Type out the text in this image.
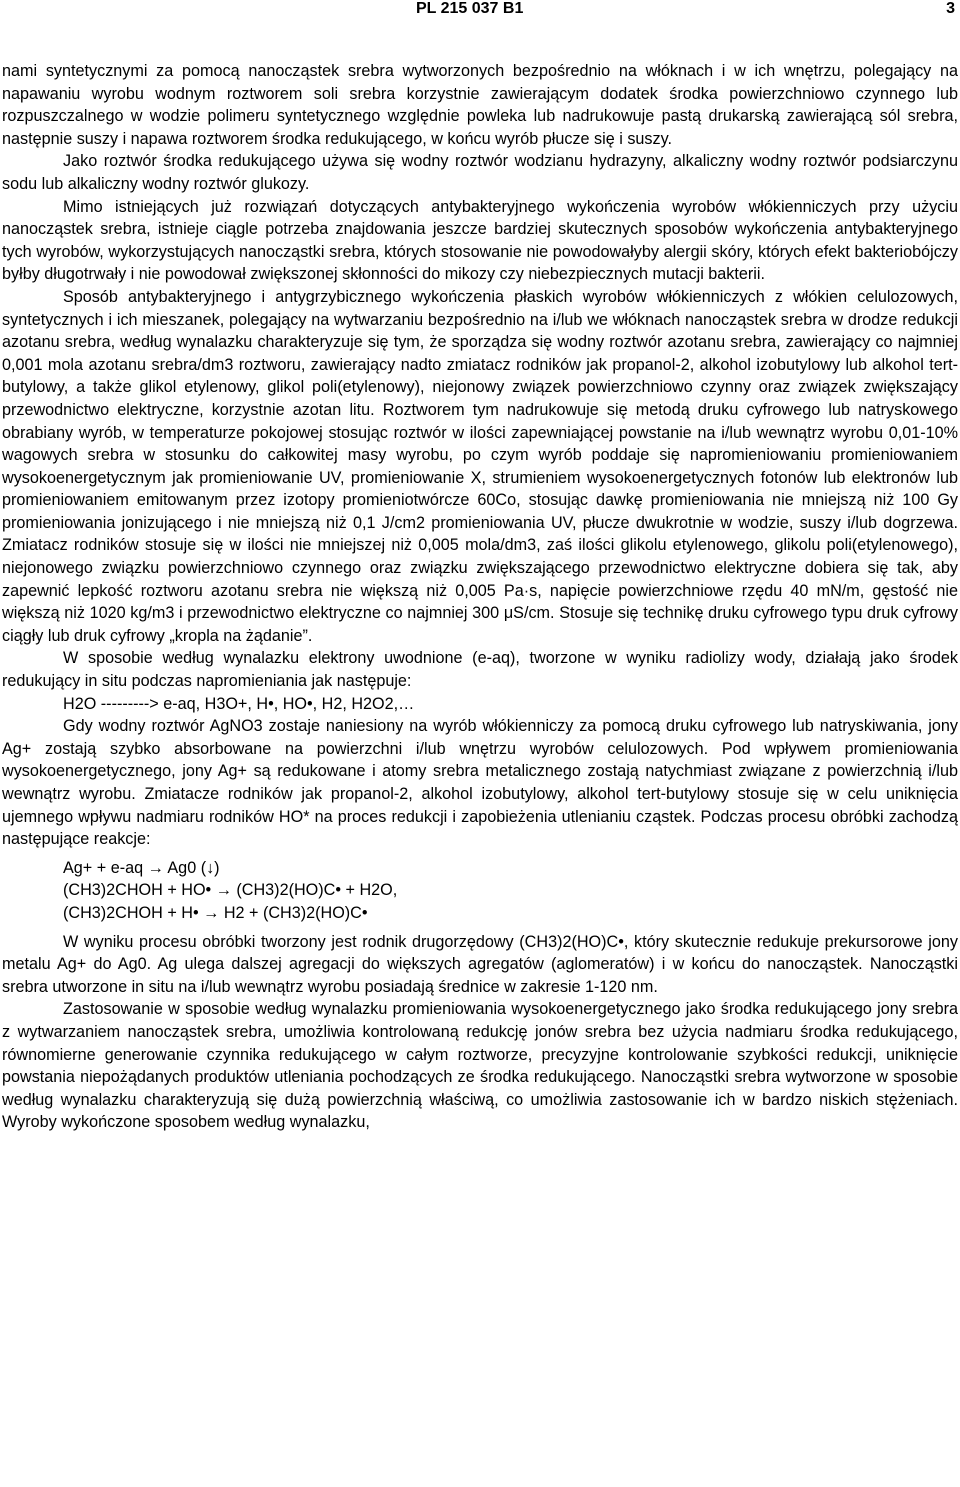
PL 215 037 B1	3

nami syntetycznymi za pomocą nanocząstek srebra wytworzonych bezpośrednio na włóknach i w ich wnętrzu, polegający na napawaniu wyrobu wodnym roztworem soli srebra korzystnie zawierającym dodatek środka powierzchniowo czynnego lub rozpuszczalnego w wodzie polimeru syntetycznego względnie powleka lub nadrukowuje pastą drukarską zawierającą sól srebra, następnie suszy i napawa roztworem środka redukującego, w końcu wyrób płucze się i suszy.

Jako roztwór środka redukującego używa się wodny roztwór wodzianu hydrazyny, alkaliczny wodny roztwór podsiarczynu sodu lub alkaliczny wodny roztwór glukozy.

Mimo istniejących już rozwiązań dotyczących antybakteryjnego wykończenia wyrobów włókienniczych przy użyciu nanocząstek srebra, istnieje ciągle potrzeba znajdowania jeszcze bardziej skutecznych sposobów wykończenia antybakteryjnego tych wyrobów, wykorzystujących nanocząstki srebra, których stosowanie nie powodowałyby alergii skóry, których efekt bakteriobójczy byłby długotrwały i nie powodował zwiększonej skłonności do mikozy czy niebezpiecznych mutacji bakterii.

Sposób antybakteryjnego i antygrzybicznego wykończenia płaskich wyrobów włókienniczych z włókien celulozowych, syntetycznych i ich mieszanek, polegający na wytwarzaniu bezpośrednio na i/lub we włóknach nanocząstek srebra w drodze redukcji azotanu srebra, według wynalazku charakteryzuje się tym, że sporządza się wodny roztwór azotanu srebra, zawierający co najmniej 0,001 mola azotanu srebra/dm3 roztworu, zawierający nadto zmiatacz rodników jak propanol-2, alkohol izobutylowy lub alkohol tert-butylowy, a także glikol etylenowy, glikol poli(etylenowy), niejonowy związek powierzchniowo czynny oraz związek zwiększający przewodnictwo elektryczne, korzystnie azotan litu. Roztworem tym nadrukowuje się metodą druku cyfrowego lub natryskowego obrabiany wyrób, w temperaturze pokojowej stosując roztwór w ilości zapewniającej powstanie na i/lub wewnątrz wyrobu 0,01-10% wagowych srebra w stosunku do całkowitej masy wyrobu, po czym wyrób poddaje się napromieniowaniu promieniowaniem wysokoenergetycznym jak promieniowanie UV, promieniowanie X, strumieniem wysokoenergetycznych fotonów lub elektronów lub promieniowaniem emitowanym przez izotopy promieniotwórcze 60Co, stosując dawkę promieniowania nie mniejszą niż 100 Gy promieniowania jonizującego i nie mniejszą niż 0,1 J/cm2 promieniowania UV, płucze dwukrotnie w wodzie, suszy i/lub dogrzewa. Zmiatacz rodników stosuje się w ilości nie mniejszej niż 0,005 mola/dm3, zaś ilości glikolu etylenowego, glikolu poli(etylenowego), niejonowego związku powierzchniowo czynnego oraz związku zwiększającego przewodnictwo elektryczne dobiera się tak, aby zapewnić lepkość roztworu azotanu srebra nie większą niż 0,005 Pa·s, napięcie powierzchniowe rzędu 40 mN/m, gęstość nie większą niż 1020 kg/m3 i przewodnictwo elektryczne co najmniej 300 μS/cm. Stosuje się technikę druku cyfrowego typu druk cyfrowy ciągły lub druk cyfrowy „kropla na żądanie”.

W sposobie według wynalazku elektrony uwodnione (e-aq), tworzone w wyniku radiolizy wody, działają jako środek redukujący in situ podczas napromieniania jak następuje:

H2O ---------> e-aq, H3O+, H•, HO•, H2, H2O2,…

Gdy wodny roztwór AgNO3 zostaje naniesiony na wyrób włókienniczy za pomocą druku cyfrowego lub natryskiwania, jony Ag+ zostają szybko absorbowane na powierzchni i/lub wnętrzu wyrobów celulozowych. Pod wpływem promieniowania wysokoenergetycznego, jony Ag+ są redukowane i atomy srebra metalicznego zostają natychmiast związane z powierzchnią i/lub wewnątrz wyrobu. Zmiatacze rodników jak propanol-2, alkohol izobutylowy, alkohol tert-butylowy stosuje się w celu uniknięcia ujemnego wpływu nadmiaru rodników HO* na proces redukcji i zapobieżenia utlenianiu cząstek. Podczas procesu obróbki zachodzą następujące reakcje:

Ag+ + e-aq → Ag0 (↓)

(CH3)2CHOH + HO• → (CH3)2(HO)C• + H2O,

(CH3)2CHOH + H• → H2 + (CH3)2(HO)C•

W wyniku procesu obróbki tworzony jest rodnik drugorzędowy (CH3)2(HO)C•, który skutecznie redukuje prekursorowe jony metalu Ag+ do Ag0. Ag ulega dalszej agregacji do większych agregatów (aglomeratów) i w końcu do nanocząstek. Nanocząstki srebra utworzone in situ na i/lub wewnątrz wyrobu posiadają średnice w zakresie 1-120 nm.

Zastosowanie w sposobie według wynalazku promieniowania wysokoenergetycznego jako środka redukującego jony srebra z wytwarzaniem nanocząstek srebra, umożliwia kontrolowaną redukcję jonów srebra bez użycia nadmiaru środka redukującego, równomierne generowanie czynnika redukującego w całym roztworze, precyzyjne kontrolowanie szybkości redukcji, uniknięcie powstania niepożądanych produktów utleniania pochodzących ze środka redukującego. Nanocząstki srebra wytworzone w sposobie według wynalazku charakteryzują się dużą powierzchnią właściwą, co umożliwia zastosowanie ich w bardzo niskich stężeniach. Wyroby wykończone sposobem według wynalazku,
